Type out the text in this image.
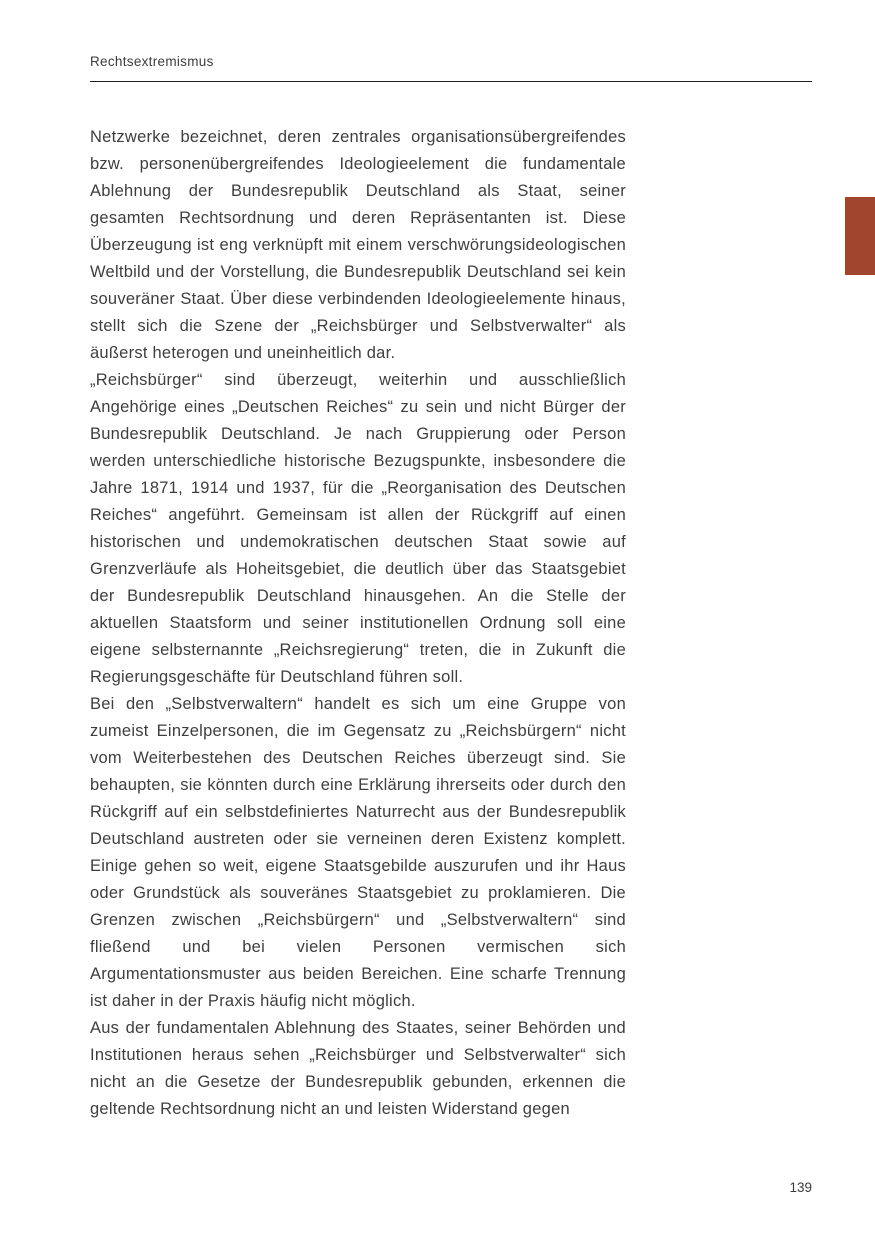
Rechtsextremismus

Netzwerke bezeichnet, deren zentrales organisationsübergreifendes bzw. personenübergreifendes Ideologieelement die fundamentale Ablehnung der Bundesrepublik Deutschland als Staat, seiner gesamten Rechtsordnung und deren Repräsentanten ist. Diese Überzeugung ist eng verknüpft mit einem verschwörungsideologischen Weltbild und der Vorstellung, die Bundesrepublik Deutschland sei kein souveräner Staat. Über diese verbindenden Ideologieelemente hinaus, stellt sich die Szene der „Reichsbürger und Selbstverwalter“ als äußerst heterogen und uneinheitlich dar.

„Reichsbürger“ sind überzeugt, weiterhin und ausschließlich Angehörige eines „Deutschen Reiches“ zu sein und nicht Bürger der Bundesrepublik Deutschland. Je nach Gruppierung oder Person werden unterschiedliche historische Bezugspunkte, insbesondere die Jahre 1871, 1914 und 1937, für die „Reorganisation des Deutschen Reiches“ angeführt. Gemeinsam ist allen der Rückgriff auf einen historischen und undemokratischen deutschen Staat sowie auf Grenzverläufe als Hoheitsgebiet, die deutlich über das Staatsgebiet der Bundesrepublik Deutschland hinausgehen. An die Stelle der aktuellen Staatsform und seiner institutionellen Ordnung soll eine eigene selbsternannte „Reichsregierung“ treten, die in Zukunft die Regierungsgeschäfte für Deutschland führen soll.

Bei den „Selbstverwaltern“ handelt es sich um eine Gruppe von zumeist Einzelpersonen, die im Gegensatz zu „Reichsbürgern“ nicht vom Weiterbestehen des Deutschen Reiches überzeugt sind. Sie behaupten, sie könnten durch eine Erklärung ihrerseits oder durch den Rückgriff auf ein selbstdefiniertes Naturrecht aus der Bundesrepublik Deutschland austreten oder sie verneinen deren Existenz komplett. Einige gehen so weit, eigene Staatsgebilde auszurufen und ihr Haus oder Grundstück als souveränes Staatsgebiet zu proklamieren. Die Grenzen zwischen „Reichsbürgern“ und „Selbstverwaltern“ sind fließend und bei vielen Personen vermischen sich Argumentationsmuster aus beiden Bereichen. Eine scharfe Trennung ist daher in der Praxis häufig nicht möglich.

Aus der fundamentalen Ablehnung des Staates, seiner Behörden und Institutionen heraus sehen „Reichsbürger und Selbstverwalter“ sich nicht an die Gesetze der Bundesrepublik gebunden, erkennen die geltende Rechtsordnung nicht an und leisten Widerstand gegen

139
